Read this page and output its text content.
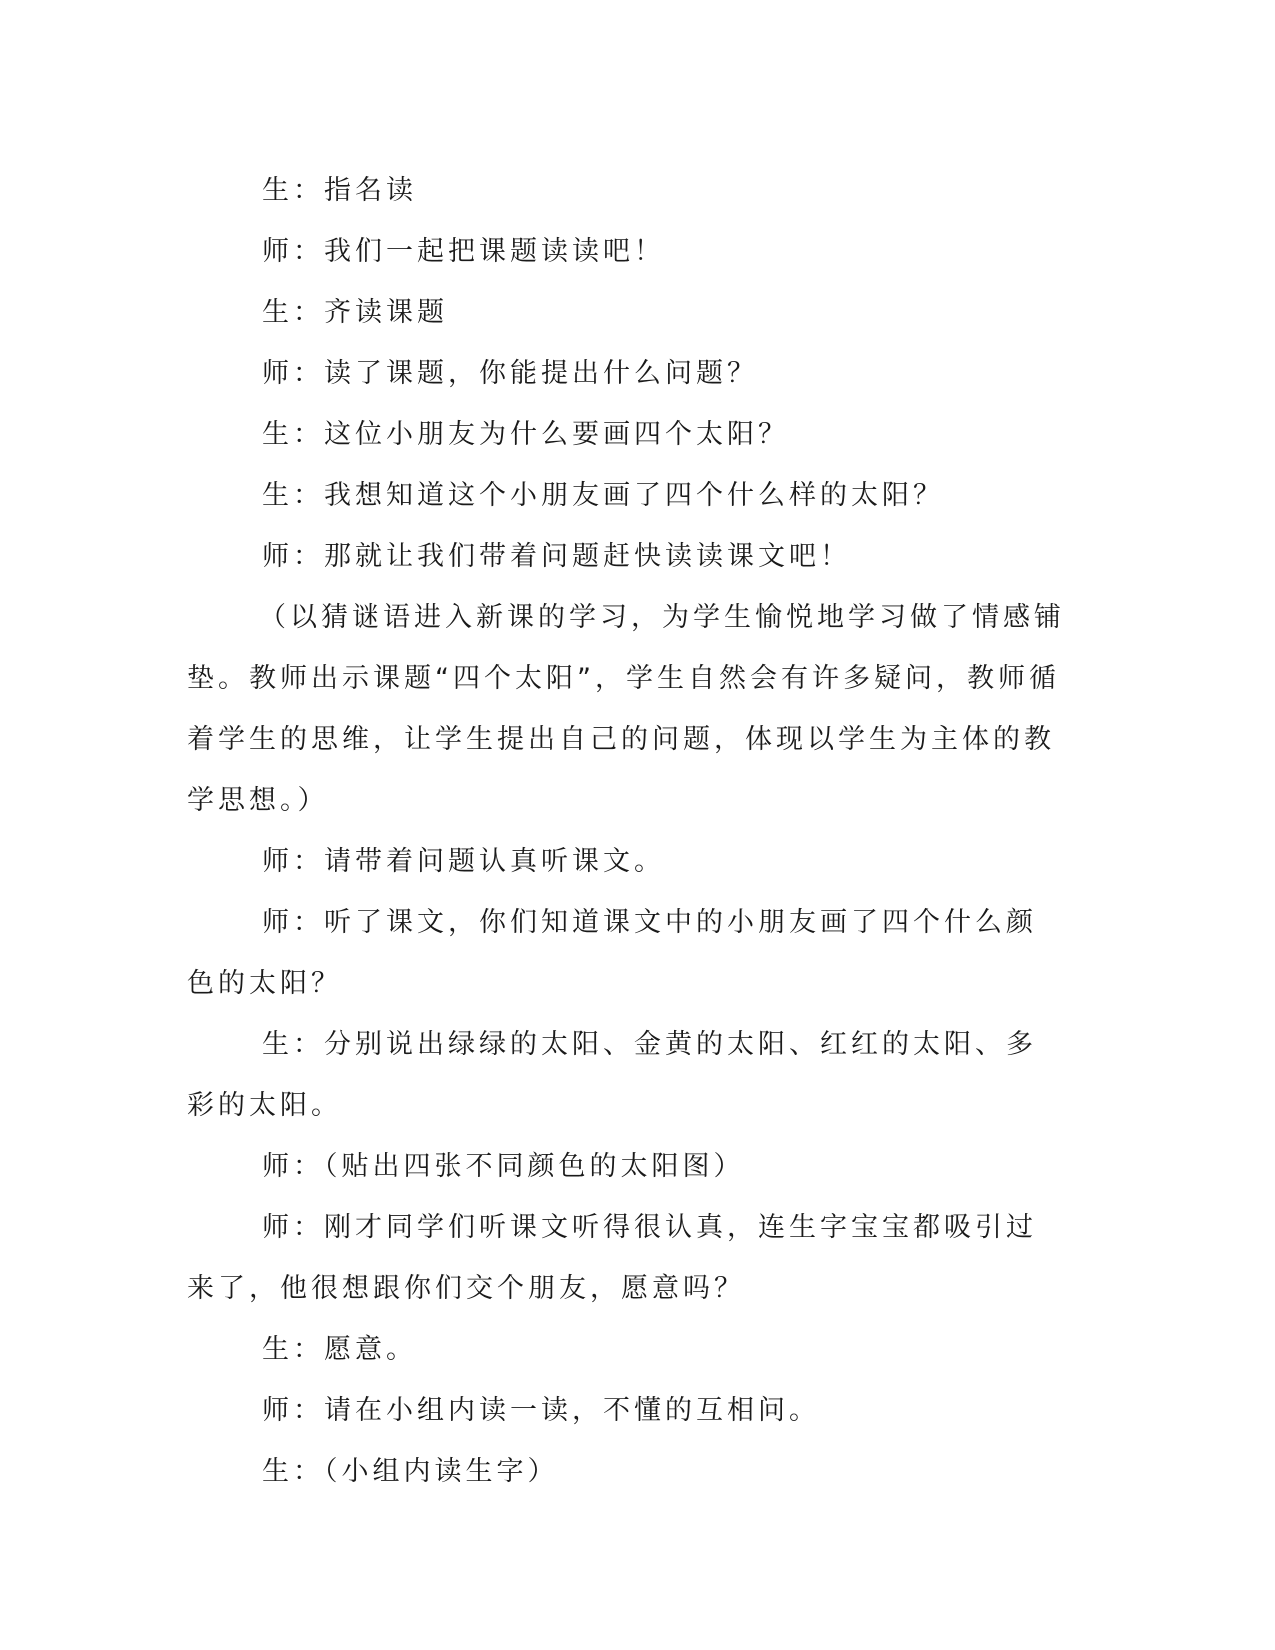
生：指名读

师：我们一起把课题读读吧！

生：齐读课题

师：读了课题，你能提出什么问题？

生：这位小朋友为什么要画四个太阳？

生：我想知道这个小朋友画了四个什么样的太阳？

师：那就让我们带着问题赶快读读课文吧！

（以猜谜语进入新课的学习，为学生愉悦地学习做了情感铺垫。教师出示课题“四个太阳”，学生自然会有许多疑问，教师循着学生的思维，让学生提出自己的问题，体现以学生为主体的教学思想。）

师：请带着问题认真听课文。

师：听了课文，你们知道课文中的小朋友画了四个什么颜色的太阳？

生：分别说出绿绿的太阳、金黄的太阳、红红的太阳、多彩的太阳。

师：（贴出四张不同颜色的太阳图）

师：刚才同学们听课文听得很认真，连生字宝宝都吸引过来了，他很想跟你们交个朋友，愿意吗？

生：愿意。

师：请在小组内读一读，不懂的互相问。

生：（小组内读生字）
